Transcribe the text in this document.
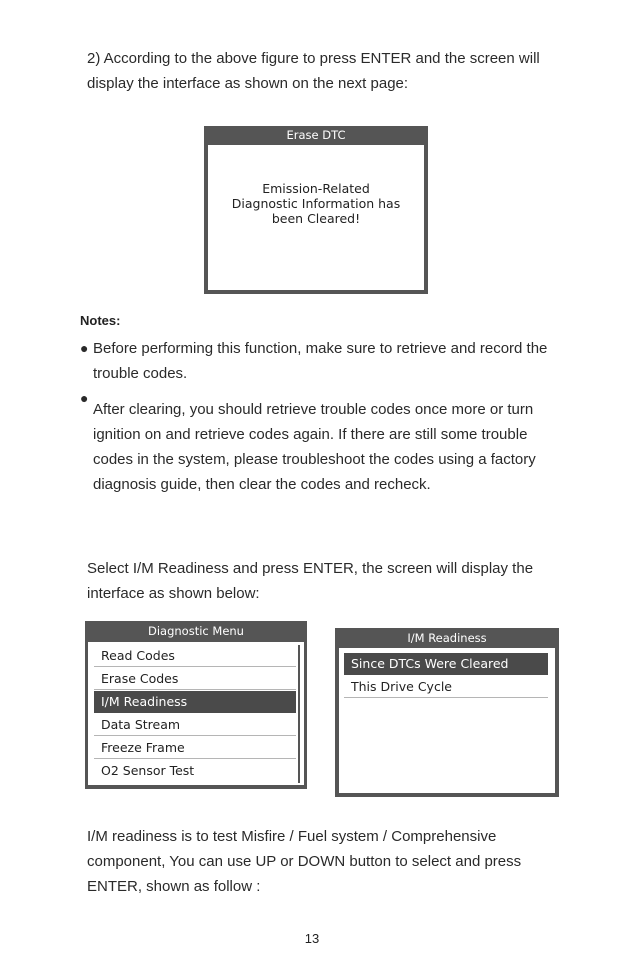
2) According to the above figure to press ENTER and the screen will
display the interface as shown on the next page:

Erase DTC
Emission-Related
Diagnostic Information has
been Cleared!
Notes:
● Before performing this function, make sure to retrieve and record the
trouble codes.
●
After clearing, you should retrieve trouble codes once more or turn
ignition on and retrieve codes again. If there are still some trouble
codes in the system, please troubleshoot the codes using a factory
diagnosis guide, then clear the codes and recheck.

Select I/M Readiness and press ENTER, the screen will display the
interface as shown below:

Diagnostic Menu
Read Codes
Erase Codes
I/M Readiness
Data Stream
Freeze Frame
O2 Sensor Test
I/M Readiness
Since DTCs Were Cleared
This Drive Cycle

I/M readiness is to test Misfire / Fuel system / Comprehensive
component, You can use UP or DOWN button to select and press
ENTER, shown as follow :

13
